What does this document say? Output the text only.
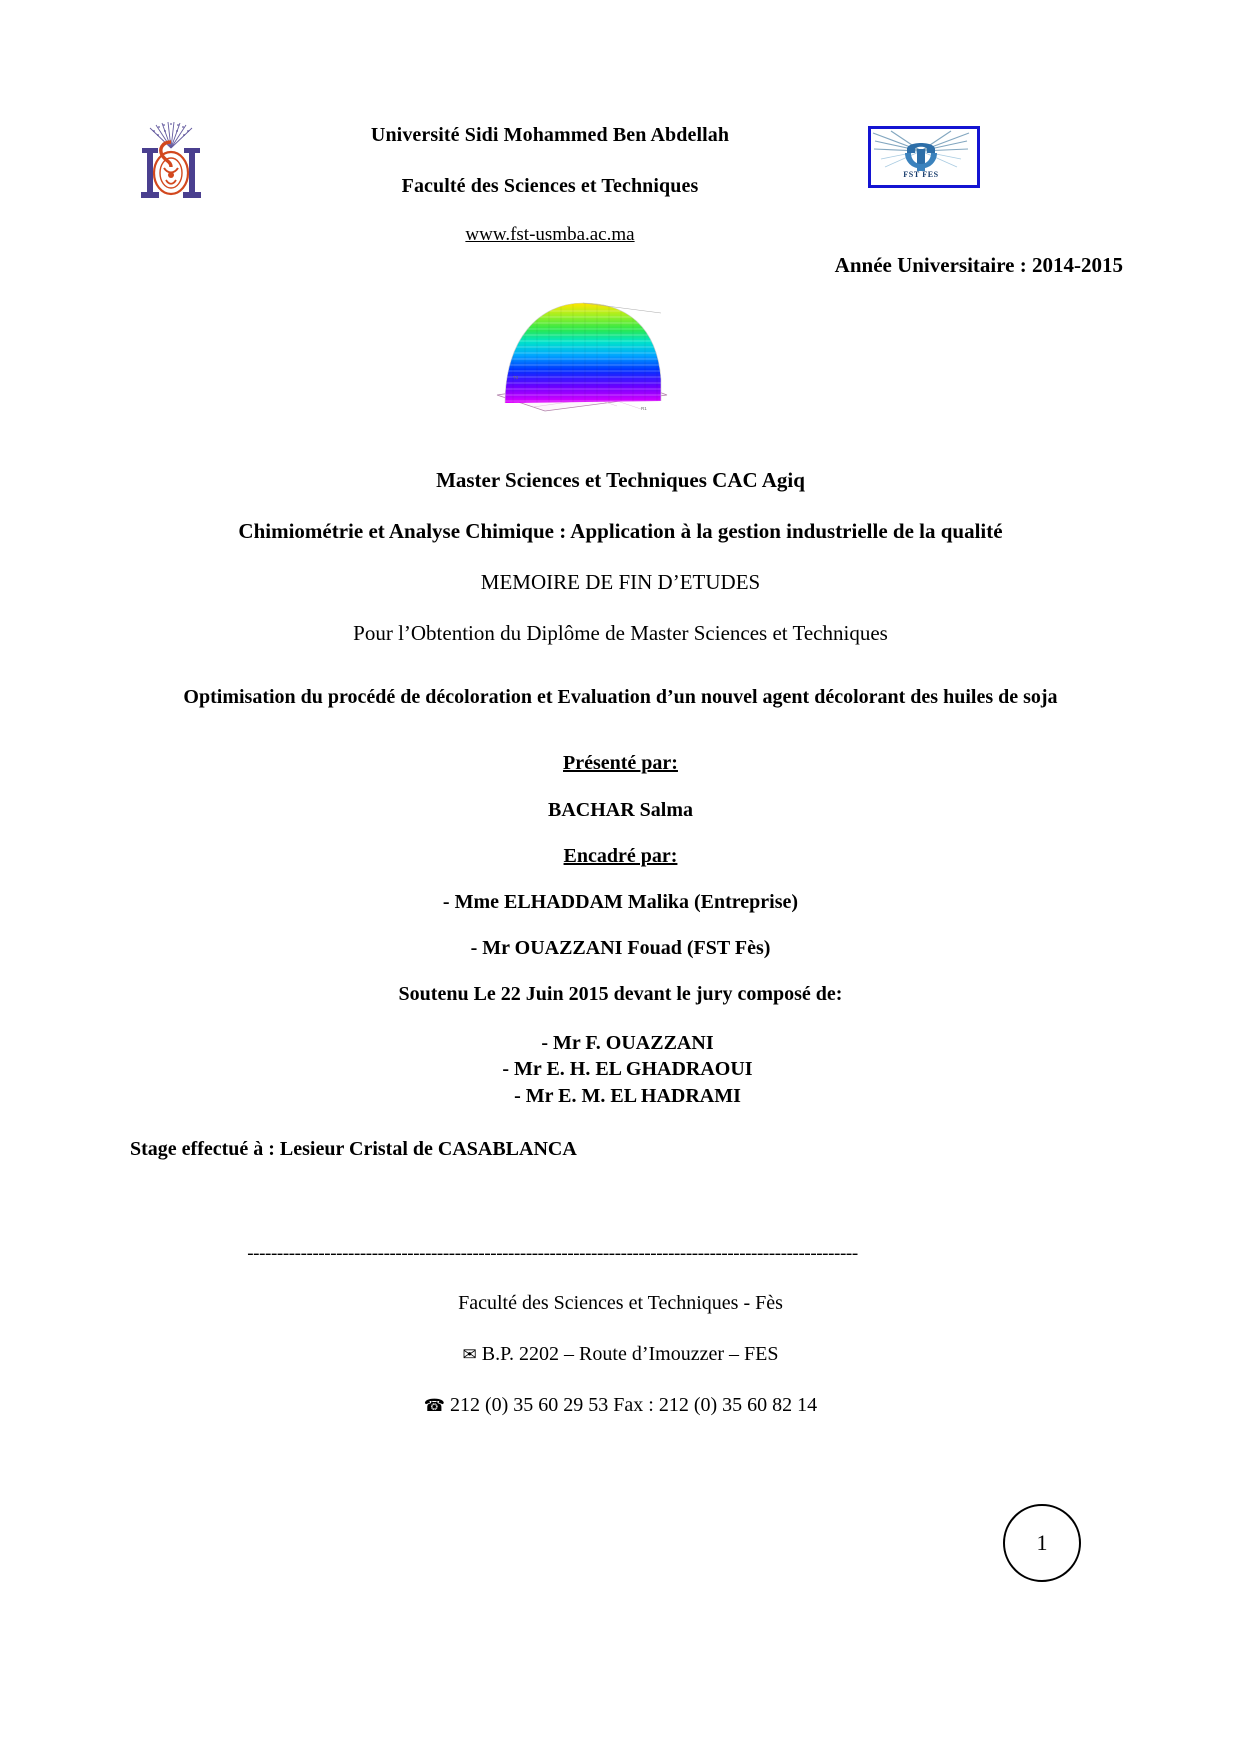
Université Sidi Mohammed Ben Abdellah
Faculté des Sciences et Techniques
www.fst-usmba.ac.ma
FST FES
Année Universitaire : 2014-2015
T2
R1
Master Sciences et Techniques CAC Agiq
Chimiométrie et Analyse Chimique : Application à la gestion industrielle de la qualité
MEMOIRE DE FIN D’ETUDES
Pour l’Obtention du Diplôme de Master Sciences et Techniques
Optimisation du procédé de décoloration et Evaluation d’un nouvel agent décolorant des huiles de soja
Présenté par:
BACHAR Salma
Encadré par:
- Mme ELHADDAM Malika (Entreprise)
- Mr OUAZZANI Fouad (FST Fès)
Soutenu Le 22 Juin 2015 devant le jury composé de:
- Mr F. OUAZZANI
- Mr E. H. EL GHADRAOUI
- Mr E. M. EL HADRAMI
Stage effectué à : Lesieur Cristal de CASABLANCA
-------------------------------------------------------------------------------------------------------
Faculté des Sciences et Techniques - Fès
✉ B.P. 2202 – Route d’Imouzzer – FES
☎ 212 (0) 35 60 29 53 Fax : 212 (0) 35 60 82 14
1
